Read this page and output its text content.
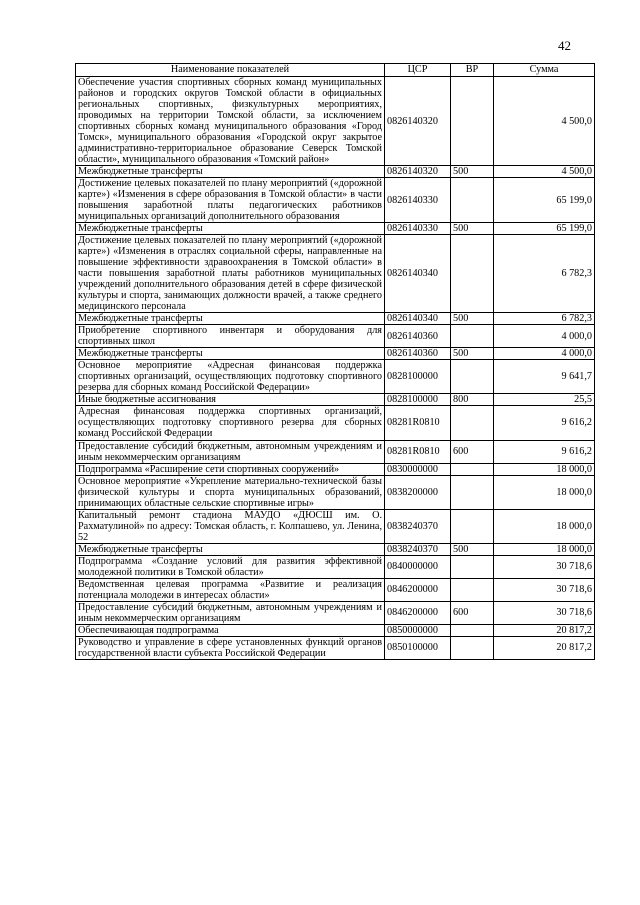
42
Наименование показателей	ЦСР	ВР	Сумма
Обеспечение участия спортивных сборных команд муниципальных районов и городских округов Томской области в официальных региональных спортивных, физкультурных мероприятиях, проводимых на территории Томской области, за исключением спортивных сборных команд муниципального образования «Город Томск», муниципального образования «Городской округ закрытое административно-территориальное образование Северск Томской области», муниципального образования «Томский район»	0826140320		4 500,0
Межбюджетные трансферты	0826140320	500	4 500,0
Достижение целевых показателей по плану мероприятий («дорожной карте») «Изменения в сфере образования в Томской области» в части повышения заработной платы педагогических работников муниципальных организаций дополнительного образования	0826140330		65 199,0
Межбюджетные трансферты	0826140330	500	65 199,0
Достижение целевых показателей по плану мероприятий («дорожной карте») «Изменения в отраслях социальной сферы, направленные на повышение эффективности здравоохранения в Томской области» в части повышения заработной платы работников муниципальных учреждений дополнительного образования детей в сфере физической культуры и спорта, занимающих должности врачей, а также среднего медицинского персонала	0826140340		6 782,3
Межбюджетные трансферты	0826140340	500	6 782,3
Приобретение спортивного инвентаря и оборудования для спортивных школ	0826140360		4 000,0
Межбюджетные трансферты	0826140360	500	4 000,0
Основное мероприятие «Адресная финансовая поддержка спортивных организаций, осуществляющих подготовку спортивного резерва для сборных команд Российской Федерации»	0828100000		9 641,7
Иные бюджетные ассигнования	0828100000	800	25,5
Адресная финансовая поддержка спортивных организаций, осуществляющих подготовку спортивного резерва для сборных команд Российской Федерации	08281R0810		9 616,2
Предоставление субсидий бюджетным, автономным учреждениям и иным некоммерческим организациям	08281R0810	600	9 616,2
Подпрограмма «Расширение сети спортивных сооружений»	0830000000		18 000,0
Основное мероприятие «Укрепление материально-технической базы физической культуры и спорта муниципальных образований, принимающих областные сельские спортивные игры»	0838200000		18 000,0
Капитальный ремонт стадиона МАУДО «ДЮСШ им. О. Рахматулиной» по адресу: Томская область, г. Колпашево, ул. Ленина, 52	0838240370		18 000,0
Межбюджетные трансферты	0838240370	500	18 000,0
Подпрограмма «Создание условий для развития эффективной молодежной политики в Томской области»	0840000000		30 718,6
Ведомственная целевая программа «Развитие и реализация потенциала молодежи в интересах области»	0846200000		30 718,6
Предоставление субсидий бюджетным, автономным учреждениям и иным некоммерческим организациям	0846200000	600	30 718,6
Обеспечивающая подпрограмма	0850000000		20 817,2
Руководство и управление в сфере установленных функций органов государственной власти субъекта Российской Федерации	0850100000		20 817,2
